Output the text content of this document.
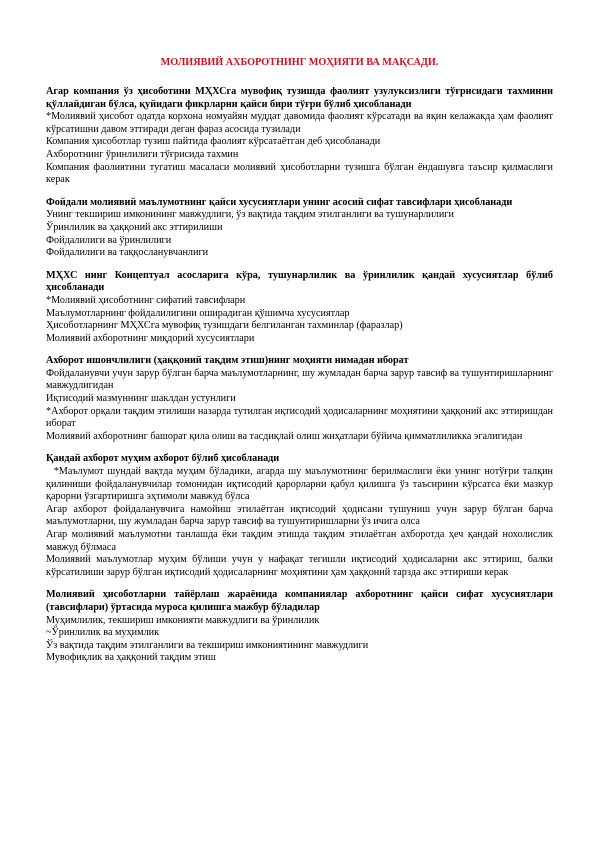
МОЛИЯВИЙ АХБОРОТНИНГ МОҲИЯТИ ВА МАҚСАДИ.

Агар компания ўз ҳисоботини МҲХСга мувофиқ тузишда фаолият узулуксизлиги тўғрисидаги тахминни қўллайдиган бўлса, қуйидаги фикрларни қайси бири тўғри бўлиб ҳисобланади

*Молиявий ҳисобот одатда корхона номуайян муддат давомида фаолият кўрсатади ва яқин келажакда ҳам фаолият кўрсатишни давом эттиради деган фараз асосида тузилади

Компания ҳисоботлар тузиш пайтида фаолият кўрсатаётган деб ҳисобланади

Ахборотнинг ўринлилиги тўғрисида тахмин

Компания фаолиятини тугатиш масаласи молиявий ҳисоботларни тузишга бўлган ёндашувга таъсир қилмаслиги керак

Фойдали молиявий маълумотнинг қайси хусусиятлари унинг асосий сифат тавсифлари ҳисобланади

Унинг текшириш имконининг мавжудлиги, ўз вақтида тақдим этилганлиги ва тушунарлилиги

Ўринлилик ва ҳаққоний акс эттирилиши

Фойдалилиги ва ўринлилиги

Фойдалилиги ва таққосланувчанлиги

МҲХС нинг Концептуал асосларига кўра, тушунарлилик ва ўринлилик қандай хусусиятлар бўлиб ҳисобланади

*Молиявий ҳисоботнинг сифатий тавсифлари

Маълумотларнинг фойдалилигини оширадиган қўшимча хусусиятлар

Ҳисоботларнинг МҲХСга мувофиқ тузишдаги белгиланган тахминлар (фаразлар)

Молиявий ахборотнинг миқдорий хусусиятлари

Ахборот ишончлилиги (ҳаққоний тақдим этиш)нинг моҳияти нимадан иборат

Фойдаланувчи учун зарур бўлган барча маълумотларнинг, шу жумладан барча зарур тавсиф ва тушунтиришларнинг мавжудлигидан

Иқтисодий мазмуннинг шаклдан устунлиги

*Ахборот орқали тақдим этилиши назарда тутилган иқтисодий ҳодисаларнинг моҳиятини ҳаққоний акс эттиришдан иборат

Молиявий ахборотнинг башорат қила олиш ва тасдиқлай олиш жиҳатлари бўйича қимматлиликка эгалигидан

Қандай ахборот муҳим ахборот бўлиб ҳисобланади

*Маълумот шундай вақтда муҳим бўладики, агарда шу маълумотнинг берилмаслиги ёки унинг нотўғри талқин қилиниши фойдаланувчилар томонидан иқтисодий қарорларни қабул қилишга ўз таъсирини кўрсатса ёки мазкур қарорни ўзгартиришга эҳтимоли мавжуд бўлса

Агар ахборот фойдаланувчига намойиш этилаётган иқтисодий ҳодисани тушуниш учун зарур бўлган барча маълумотларни, шу жумладан барча зарур тавсиф ва тушунтиришларни ўз ичига олса

Агар молиявий маълумотни танлашда ёки тақдим этишда тақдим этилаётган ахборотда ҳеч қандай нохолислик мавжуд бўлмаса

Молиявий маълумотлар муҳим бўлиши учун у нафақат тегишли иқтисодий ҳодисаларни акс эттириш, балки кўрсатилиши зарур бўлган иқтисодий ҳодисаларнинг моҳиятини ҳам ҳаққоний тарзда акс эттириши керак

Молиявий ҳисоботларни тайёрлаш жараёнида компаниялар ахборотнинг қайси сифат хусусиятлари (тавсифлари) ўртасида муроса қилишга мажбур бўладилар

Муҳимлилик, текшириш имконияти мавжудлиги ва ўринлилик

~Ўринлилик ва муҳимлик

Ўз вақтида тақдим этилганлиги ва текшириш имкониятининг мавжудлиги

Мувофиқлик ва ҳаққоний тақдим этиш
